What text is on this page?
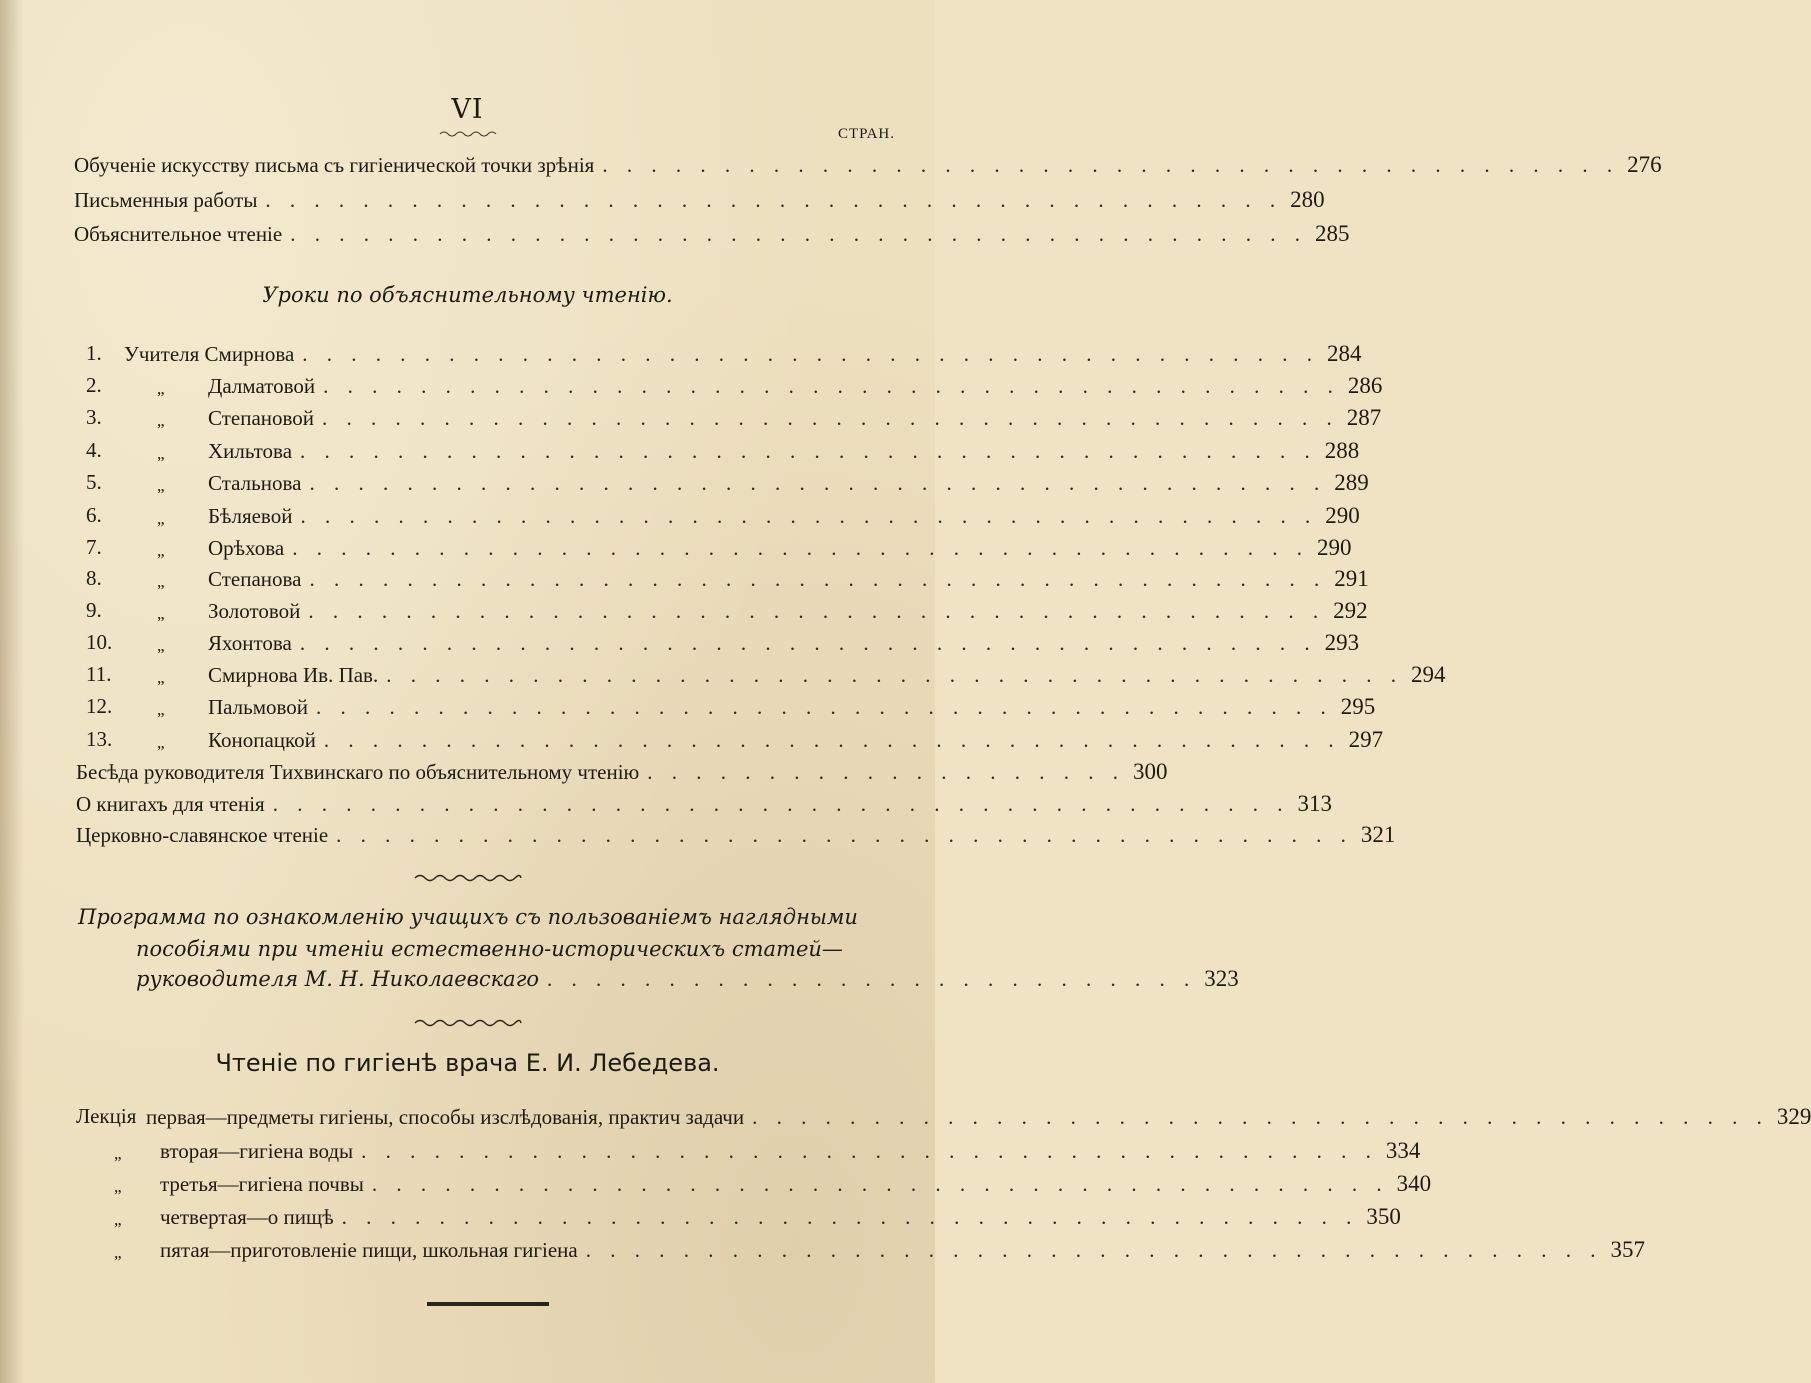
VI
СТРАН.
Обученіе искусству письма съ гигіенической точки зрѣнія . . . . . . . . . . . . . . . . . . . . . . . . . . . . . . . . . . . . . . . . . . 276
Письменныя работы . . . . . . . . . . . . . . . . . . . . . . . . . . . . . . . . . . . . . . . . . . 280
Объяснительное чтеніе . . . . . . . . . . . . . . . . . . . . . . . . . . . . . . . . . . . . . . . . . . 285
Уроки по объяснительному чтенію.
1. Учителя Смирнова . . . . . . . . . . . . . . . . . . . . . . . . . . . . . . . . . . . . . . . . . . 284
2.	„ Далматовой . . . . . . . . . . . . . . . . . . . . . . . . . . . . . . . . . . . . . . . . . . 286
3.	„ Степановой . . . . . . . . . . . . . . . . . . . . . . . . . . . . . . . . . . . . . . . . . . 287
4.	„ Хильтова . . . . . . . . . . . . . . . . . . . . . . . . . . . . . . . . . . . . . . . . . . 288
5.	„ Стальнова . . . . . . . . . . . . . . . . . . . . . . . . . . . . . . . . . . . . . . . . . . 289
6.	„ Бѣляевой . . . . . . . . . . . . . . . . . . . . . . . . . . . . . . . . . . . . . . . . . . 290
7.	„ Орѣхова . . . . . . . . . . . . . . . . . . . . . . . . . . . . . . . . . . . . . . . . . . 290
8.	„ Степанова . . . . . . . . . . . . . . . . . . . . . . . . . . . . . . . . . . . . . . . . . . 291
9.	„ Золотовой . . . . . . . . . . . . . . . . . . . . . . . . . . . . . . . . . . . . . . . . . . 292
10.	„ Яхонтова . . . . . . . . . . . . . . . . . . . . . . . . . . . . . . . . . . . . . . . . . . 293
11.	„ Смирнова Ив. Пав. . . . . . . . . . . . . . . . . . . . . . . . . . . . . . . . . . . . . . . . . . . 294
12.	„ Пальмовой . . . . . . . . . . . . . . . . . . . . . . . . . . . . . . . . . . . . . . . . . . 295
13.	„ Конопацкой . . . . . . . . . . . . . . . . . . . . . . . . . . . . . . . . . . . . . . . . . . 297
Бесѣда руководителя Тихвинскаго по объяснительному чтенію . . . . . . . . . . . . . . . . . . . . 300
О книгахъ для чтенія . . . . . . . . . . . . . . . . . . . . . . . . . . . . . . . . . . . . . . . . . . 313
Церковно-славянское чтеніе . . . . . . . . . . . . . . . . . . . . . . . . . . . . . . . . . . . . . . . . . . 321
Программа по ознакомленію учащихъ съ пользованіемъ наглядными
пособіями при чтеніи естественно-историческихъ статей—
руководителя М. Н. Николаевскаго . . . . . . . . . . . . . . . . . . . . . . . . . . . 323
Чтеніе по гигіенѣ врача Е. И. Лебедева.
Лекція первая—предметы гигіены, способы изслѣдованія, практич задачи . . . . . . . . . . . . . . . . . . . . . . . . . . . . . . . . . . . . . . . . . . 329
„ вторая—гигіена воды . . . . . . . . . . . . . . . . . . . . . . . . . . . . . . . . . . . . . . . . . . 334
„ третья—гигіена почвы . . . . . . . . . . . . . . . . . . . . . . . . . . . . . . . . . . . . . . . . . . 340
„ четвертая—о пищѣ . . . . . . . . . . . . . . . . . . . . . . . . . . . . . . . . . . . . . . . . . . 350
„ пятая—приготовленіе пищи, школьная гигіена . . . . . . . . . . . . . . . . . . . . . . . . . . . . . . . . . . . . . . . . . . 357
